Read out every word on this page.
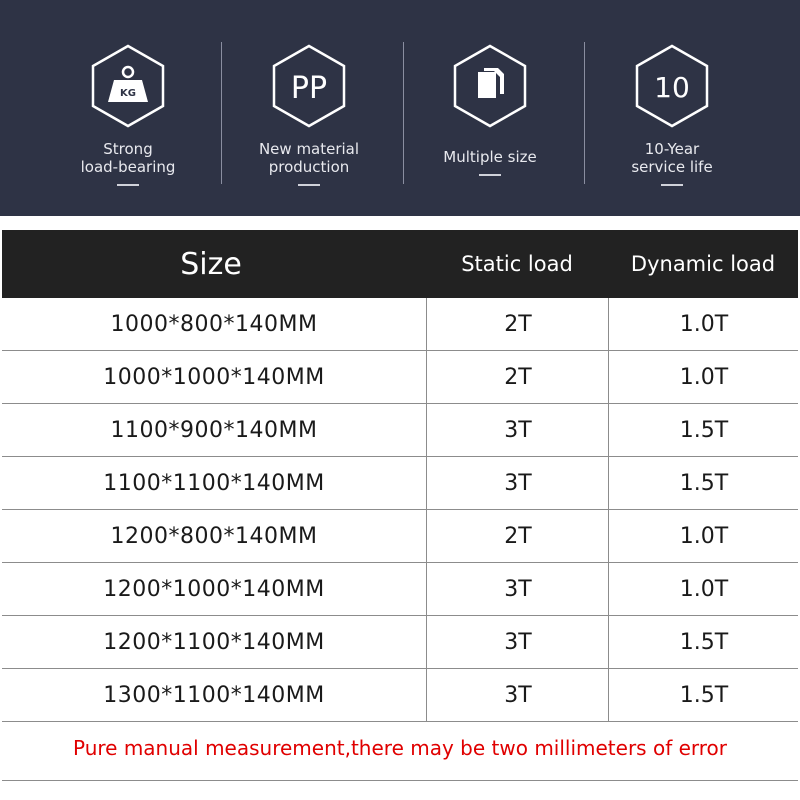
KG
Strong
load-bearing
PP
New material
production
Multiple size
10
10-Year
service life
Size	Static load	Dynamic load
1000*800*140MM	2T	1.0T
1000*1000*140MM	2T	1.0T
1100*900*140MM	3T	1.5T
1100*1100*140MM	3T	1.5T
1200*800*140MM	2T	1.0T
1200*1000*140MM	3T	1.0T
1200*1100*140MM	3T	1.5T
1300*1100*140MM	3T	1.5T
Pure manual measurement,there may be two millimeters of error
